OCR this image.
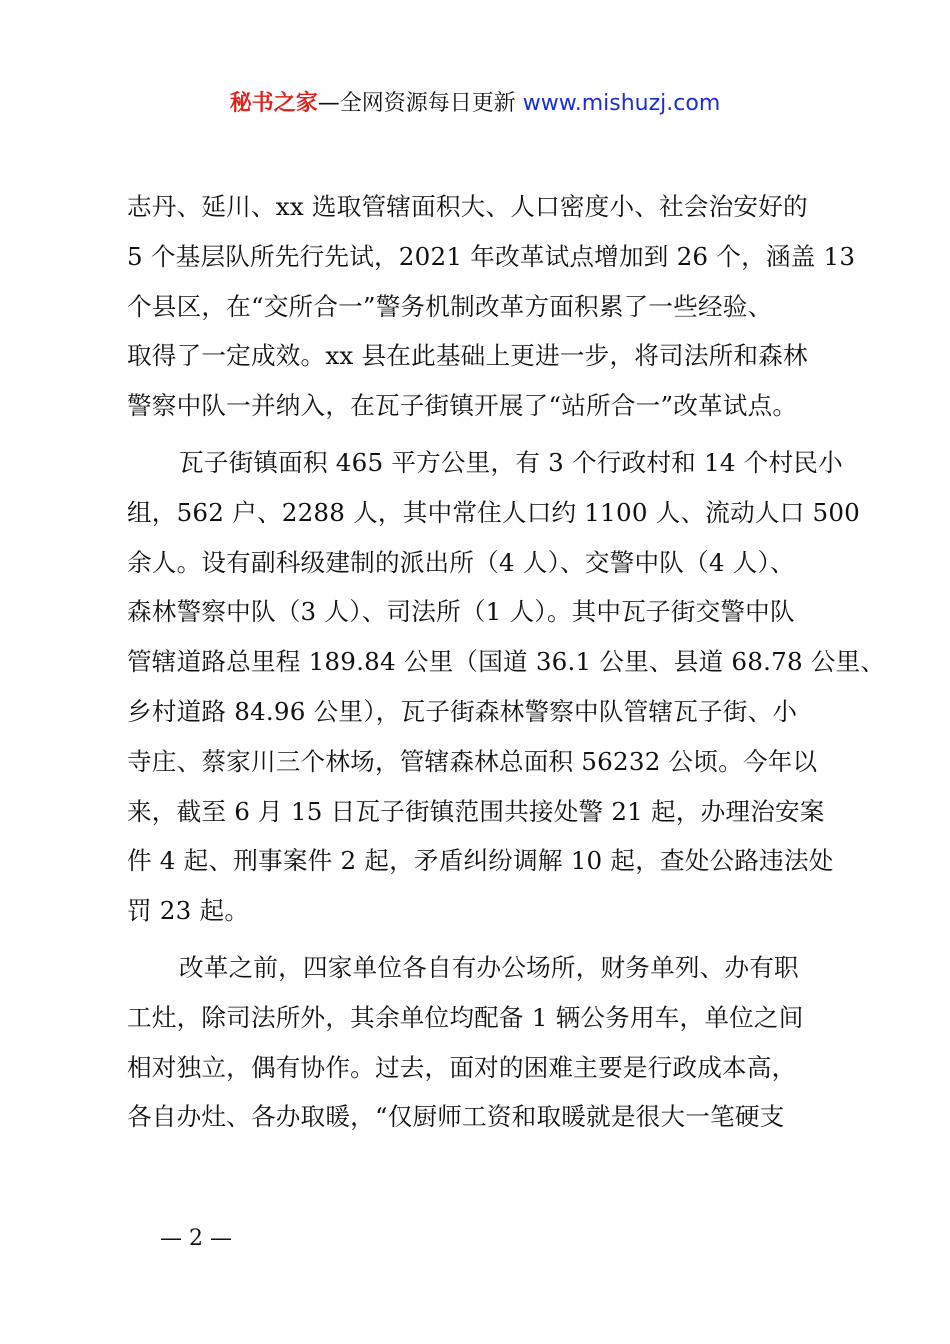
秘书之家—全网资源每日更新 www.mishuzj.com
志丹、延川、xx 选取管辖面积大、人口密度小、社会治安好的
5 个基层队所先行先试，2021 年改革试点增加到 26 个，涵盖 13
个县区，在“交所合一”警务机制改革方面积累了一些经验、
取得了一定成效。xx 县在此基础上更进一步，将司法所和森林
警察中队一并纳入，在瓦子街镇开展了“站所合一”改革试点。
瓦子街镇面积 465 平方公里，有 3 个行政村和 14 个村民小
组，562 户、2288 人，其中常住人口约 1100 人、流动人口 500
余人。设有副科级建制的派出所（4 人）、交警中队（4 人）、
森林警察中队（3 人）、司法所（1 人）。其中瓦子街交警中队
管辖道路总里程 189.84 公里（国道 36.1 公里、县道 68.78 公里、
乡村道路 84.96 公里），瓦子街森林警察中队管辖瓦子街、小
寺庄、蔡家川三个林场，管辖森林总面积 56232 公顷。今年以
来，截至 6 月 15 日瓦子街镇范围共接处警 21 起，办理治安案
件 4 起、刑事案件 2 起，矛盾纠纷调解 10 起，查处公路违法处
罚 23 起。
改革之前，四家单位各自有办公场所，财务单列、办有职
工灶，除司法所外，其余单位均配备 1 辆公务用车，单位之间
相对独立，偶有协作。过去，面对的困难主要是行政成本高，
各自办灶、各办取暖，“仅厨师工资和取暖就是很大一笔硬支
— 2 —
